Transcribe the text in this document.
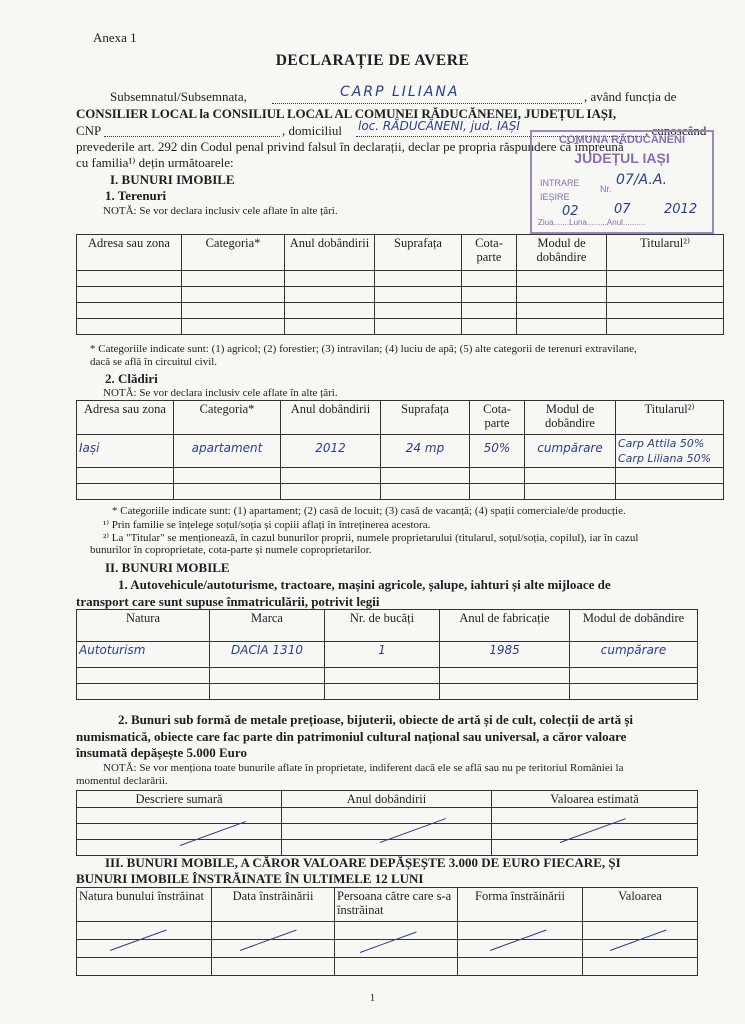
Anexa 1
DECLARAȚIE DE AVERE
Subsemnatul/Subsemnata,	CARP LILIANA	, având funcția de
CONSILIER LOCAL la CONSILIUL LOCAL AL COMUNEI RĂDUCĂNENEI, JUDEȚUL IAȘI,
CNP	, domiciliul loc. RĂDUCĂNENI, jud. IAȘI	, cunoscând
prevederile art. 292 din Codul penal privind falsul în declarații, declar pe propria răspundere că împreună
cu familia¹⁾ dețin următoarele:
COMUNA RĂDUCĂNENI
JUDEȚUL IAȘI
INTRARE
IEȘIRE
Nr.
07/A.A.
02	07	2012
Ziua.......Luna.........Anul..........
I. BUNURI IMOBILE
1. Terenuri
NOTĂ: Se vor declara inclusiv cele aflate în alte țări.
Adresa sau zona	Categoria*	Anul dobândirii	Suprafața	Cota-parte	Modul de dobândire	Titularul²⁾

* Categoriile indicate sunt: (1) agricol; (2) forestier; (3) intravilan; (4) luciu de apă; (5) alte categorii de terenuri extravilane,
dacă se află în circuitul civil.
2. Clădiri
NOTĂ: Se vor declara inclusiv cele aflate în alte țări.
Adresa sau zona	Categoria*	Anul dobândirii	Suprafața	Cota-parte	Modul de dobândire	Titularul²⁾
Iași	apartament	2012	24 mp	50%	cumpărare	Carp Attila 50%
Carp Liliana 50%

* Categoriile indicate sunt: (1) apartament; (2) casă de locuit; (3) casă de vacanță; (4) spații comerciale/de producție.
¹⁾ Prin familie se înțelege soțul/soția și copiii aflați în întreținerea acestora.
²⁾ La "Titular" se menționează, în cazul bunurilor proprii, numele proprietarului (titularul, soțul/soția, copilul), iar în cazul
bunurilor în coproprietate, cota-parte și numele coproprietarilor.
II. BUNURI MOBILE
1. Autovehicule/autoturisme, tractoare, mașini agricole, șalupe, iahturi și alte mijloace de
transport care sunt supuse înmatriculării, potrivit legii
Natura	Marca	Nr. de bucăți	Anul de fabricație	Modul de dobândire
Autoturism	DACIA 1310	1	1985	cumpărare

2. Bunuri sub formă de metale prețioase, bijuterii, obiecte de artă și de cult, colecții de artă și
numismatică, obiecte care fac parte din patrimoniul cultural național sau universal, a căror valoare
însumată depășește 5.000 Euro
NOTĂ: Se vor menționa toate bunurile aflate în proprietate, indiferent dacă ele se află sau nu pe teritoriul României la
momentul declarării.
Descriere sumară	Anul dobândirii	Valoarea estimată

III. BUNURI MOBILE, A CĂROR VALOARE DEPĂȘEȘTE 3.000 DE EURO FIECARE, ȘI
BUNURI IMOBILE ÎNSTRĂINATE ÎN ULTIMELE 12 LUNI
Natura bunului înstrăinat	Data înstrăinării	Persoana către care s-a înstrăinat	Forma înstrăinării	Valoarea

1
